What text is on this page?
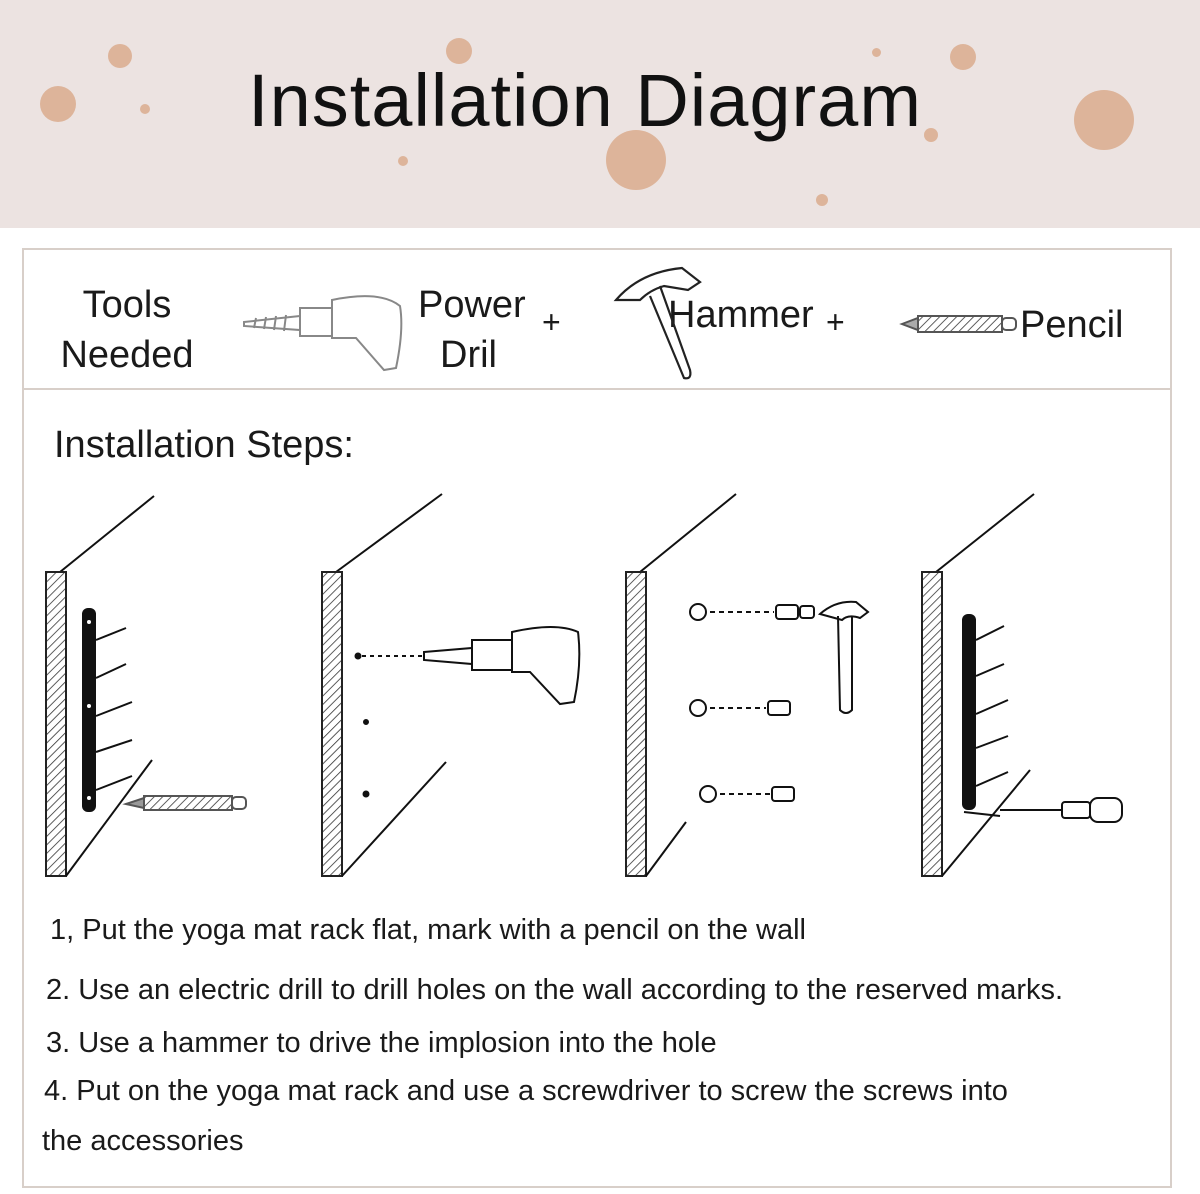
Installation Diagram
Tools
Needed
Power
Dril
+	Hammer +	Pencil
Installation Steps:
1, Put the yoga mat rack flat, mark with a pencil on the wall
2. Use an electric drill to drill holes on the wall according to the reserved marks.
3. Use a hammer to drive the implosion into the hole
4. Put on the yoga mat rack and use a screwdriver to screw the screws into
the accessories
